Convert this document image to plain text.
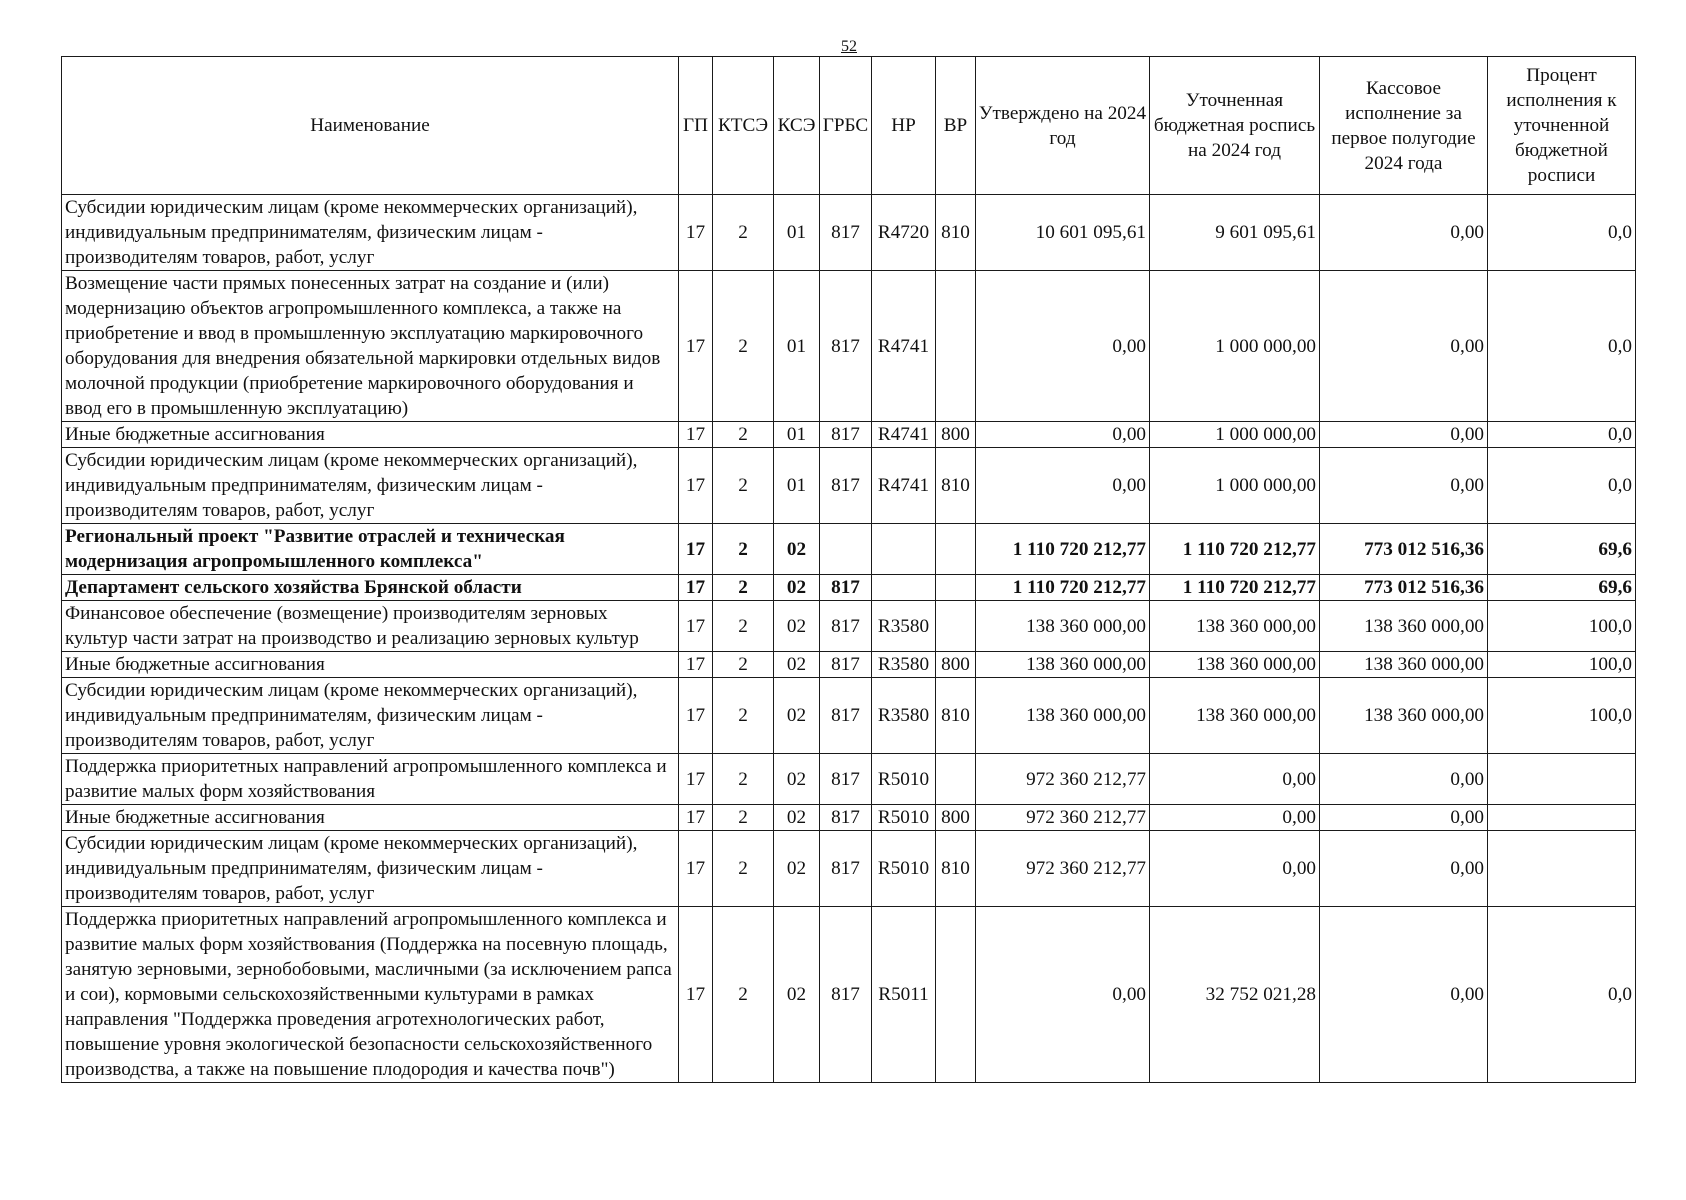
52
Наименование	ГП	КТСЭ	КСЭ	ГРБС	НР	ВР	Утверждено на 2024 год	Уточненная бюджетная роспись на 2024 год	Кассовое исполнение за первое полугодие 2024 года	Процент исполнения к уточненной бюджетной росписи
Субсидии юридическим лицам (кроме некоммерческих организаций), индивидуальным предпринимателям, физическим лицам - производителям товаров, работ, услуг	17	2	01	817	R4720	810	10 601 095,61	9 601 095,61	0,00	0,0
Возмещение части прямых понесенных затрат на создание и (или) модернизацию объектов агропромышленного комплекса, а также на приобретение и ввод в промышленную эксплуатацию маркировочного оборудования для внедрения обязательной маркировки отдельных видов молочной продукции (приобретение маркировочного оборудования и ввод его в промышленную эксплуатацию)	17	2	01	817	R4741		0,00	1 000 000,00	0,00	0,0
Иные бюджетные ассигнования	17	2	01	817	R4741	800	0,00	1 000 000,00	0,00	0,0
Субсидии юридическим лицам (кроме некоммерческих организаций), индивидуальным предпринимателям, физическим лицам - производителям товаров, работ, услуг	17	2	01	817	R4741	810	0,00	1 000 000,00	0,00	0,0
Региональный проект "Развитие отраслей и техническая модернизация агропромышленного комплекса"	17	2	02				1 110 720 212,77	1 110 720 212,77	773 012 516,36	69,6
Департамент сельского хозяйства Брянской области	17	2	02	817			1 110 720 212,77	1 110 720 212,77	773 012 516,36	69,6
Финансовое обеспечение (возмещение) производителям зерновых культур части затрат на производство и реализацию зерновых культур	17	2	02	817	R3580		138 360 000,00	138 360 000,00	138 360 000,00	100,0
Иные бюджетные ассигнования	17	2	02	817	R3580	800	138 360 000,00	138 360 000,00	138 360 000,00	100,0
Субсидии юридическим лицам (кроме некоммерческих организаций), индивидуальным предпринимателям, физическим лицам - производителям товаров, работ, услуг	17	2	02	817	R3580	810	138 360 000,00	138 360 000,00	138 360 000,00	100,0
Поддержка приоритетных направлений агропромышленного комплекса и развитие малых форм хозяйствования	17	2	02	817	R5010		972 360 212,77	0,00	0,00	
Иные бюджетные ассигнования	17	2	02	817	R5010	800	972 360 212,77	0,00	0,00	
Субсидии юридическим лицам (кроме некоммерческих организаций), индивидуальным предпринимателям, физическим лицам - производителям товаров, работ, услуг	17	2	02	817	R5010	810	972 360 212,77	0,00	0,00	
Поддержка приоритетных направлений агропромышленного комплекса и развитие малых форм хозяйствования (Поддержка на посевную площадь, занятую зерновыми, зернобобовыми, масличными (за исключением рапса и сои), кормовыми сельскохозяйственными культурами в рамках направления "Поддержка проведения агротехнологических работ, повышение уровня экологической безопасности сельскохозяйственного производства, а также на повышение плодородия и качества почв")	17	2	02	817	R5011		0,00	32 752 021,28	0,00	0,0
